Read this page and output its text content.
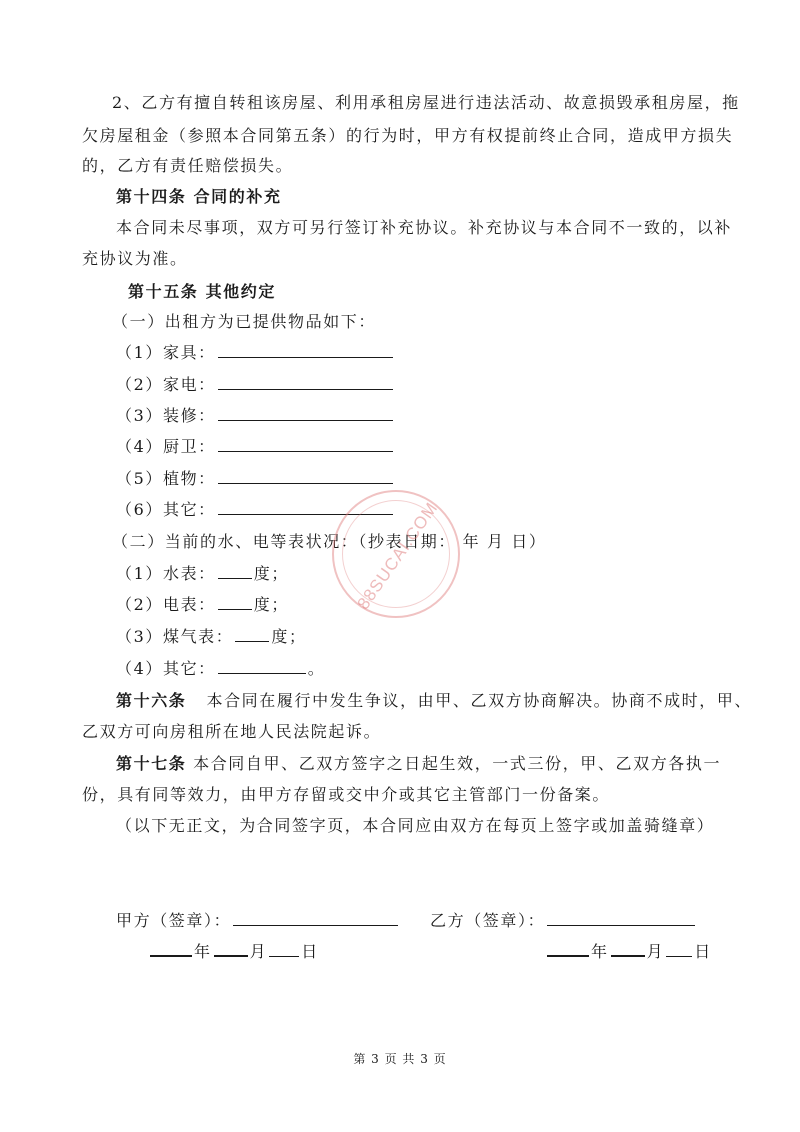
2、乙方有擅自转租该房屋、利用承租房屋进行违法活动、故意损毁承租房屋，拖
欠房屋租金（参照本合同第五条）的行为时，甲方有权提前终止合同，造成甲方损失
的，乙方有责任赔偿损失。
第十四条 合同的补充
本合同未尽事项，双方可另行签订补充协议。补充协议与本合同不一致的，以补
充协议为准。
第十五条 其他约定
（一）出租方为已提供物品如下：
（1）家具：
（2）家电：
（3）装修：
（4）厨卫：
（5）植物：
（6）其它：
（二）当前的水、电等表状况：（抄表日期： 年 月 日）
（1）水表： 度；
（2）电表： 度；
（3）煤气表： 度；
（4）其它：	。
第十六条 本合同在履行中发生争议，由甲、乙双方协商解决。协商不成时，甲、
乙双方可向房租所在地人民法院起诉。
第十七条 本合同自甲、乙双方签字之日起生效，一式三份，甲、乙双方各执一
份，具有同等效力，由甲方存留或交中介或其它主管部门一份备案。
（以下无正文，为合同签字页，本合同应由双方在每页上签字或加盖骑缝章）
甲方（签章）：	乙方（签章）：
年 月 日	年 月 日
88SUCAI.COM
第 3 页 共 3 页
